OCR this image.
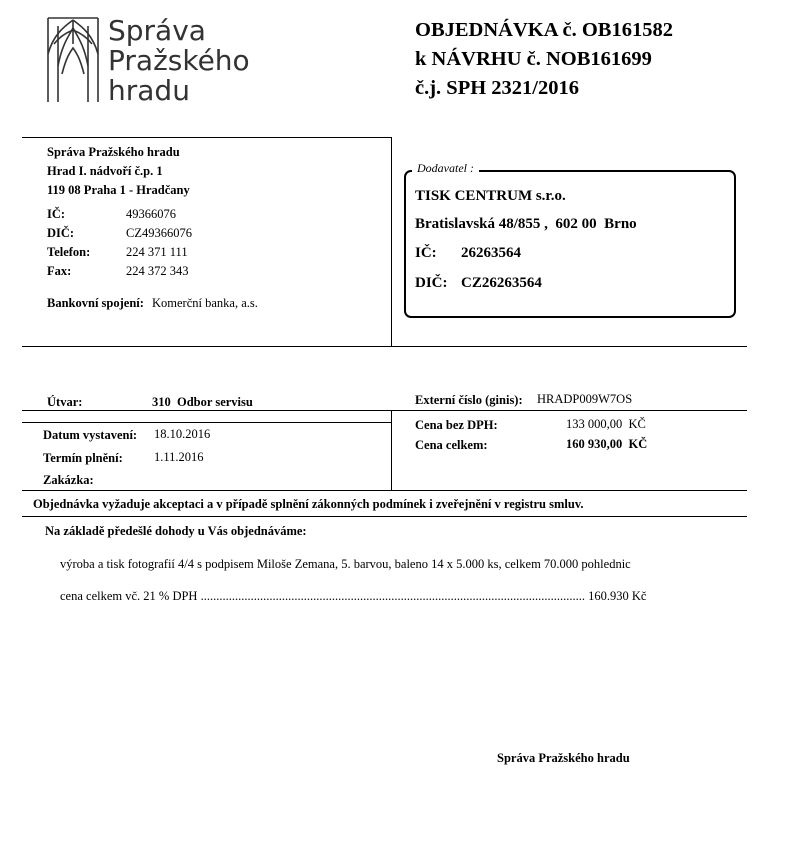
Správa
Pražského
hradu
OBJEDNÁVKA č. OB161582
k NÁVRHU č. NOB161699
č.j. SPH 2321/2016
Správa Pražského hradu
Hrad I. nádvoří č.p. 1
119 08 Praha 1 - Hradčany
IČ:	49366076
DIČ:	CZ49366076
Telefon:	224 371 111
Fax:	224 372 343
Bankovní spojení: Komerční banka, a.s.
Dodavatel :
TISK CENTRUM s.r.o.
Bratislavská 48/855 ,  602 00  Brno
IČ: 26263564
DIČ: CZ26263564
Útvar:	310  Odbor servisu	Externí číslo (ginis): HRADP009W7OS
Datum vystavení: 18.10.2016
Termín plnění: 1.11.2016
Zakázka:
Cena bez DPH:	133 000,00  KČ
Cena celkem:	160 930,00  KČ
Objednávka vyžaduje akceptaci a v případě splnění zákonných podmínek i zveřejnění v registru smluv.
Na základě předešlé dohody u Vás objednáváme:
výroba a tisk fotografií 4/4 s podpisem Miloše Zemana, 5. barvou, baleno 14 x 5.000 ks, celkem 70.000 pohlednic
cena celkem vč. 21 % DPH ........................................................................................................................... 160.930 Kč
Správa Pražského hradu
